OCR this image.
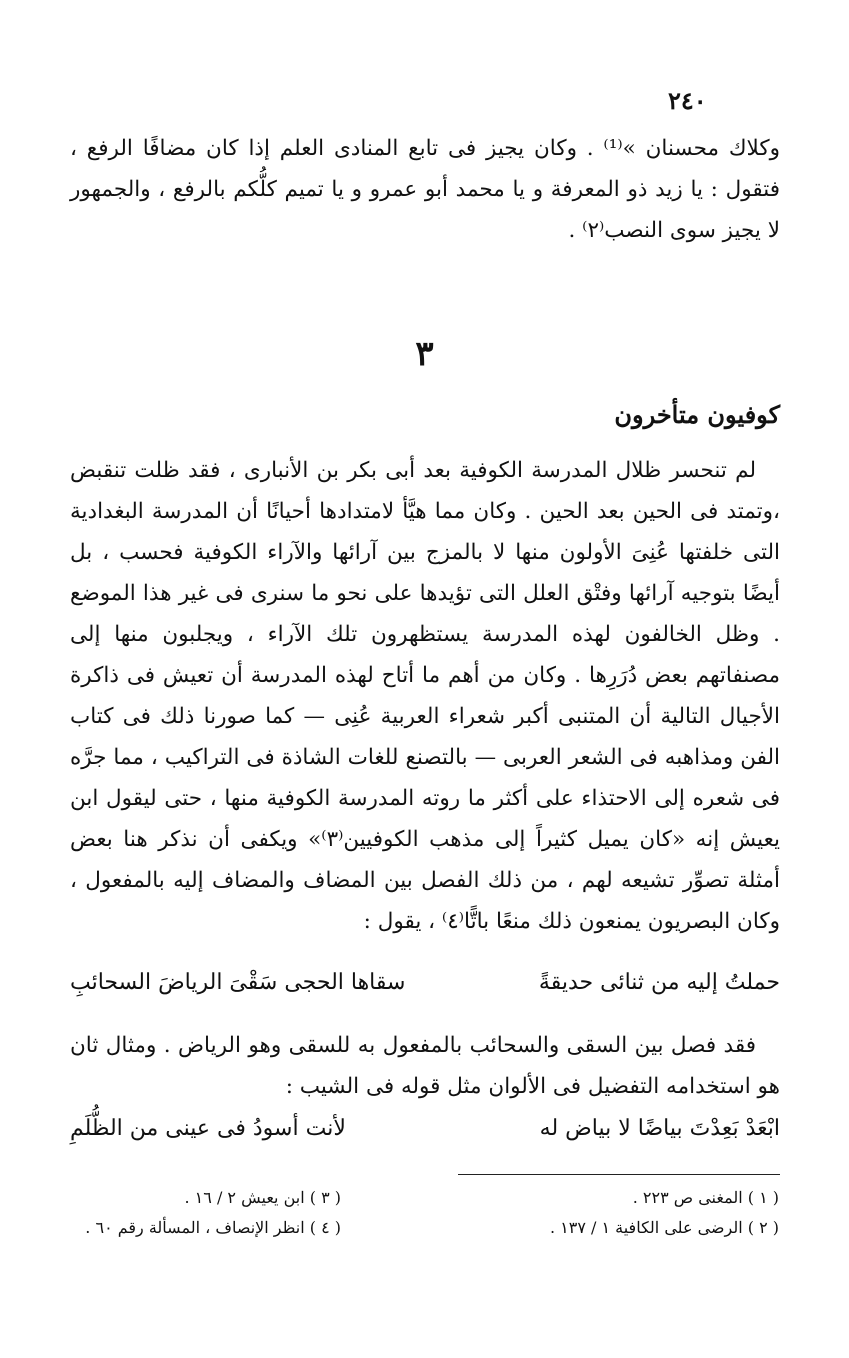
٢٤٠

وكلاك محسنان »⁽¹⁾ . وكان يجيز فى تابع المنادى العلم إذا كان مضافًا الرفع ، فتقول : يا زيد ذو المعرفة و يا محمد أبو عمرو و يا تميم كلُّكم بالرفع ، والجمهور لا يجيز سوى النصب⁽٢⁾ .

٣
كوفيون متأخرون

لم تنحسر ظلال المدرسة الكوفية بعد أبى بكر بن الأنبارى ، فقد ظلت تنقبض ،وتمتد فى الحين بعد الحين . وكان مما هيَّأ لامتدادها أحيانًا أن المدرسة البغدادية التى خلفتها عُنِىَ الأولون منها لا بالمزج بين آرائها والآراء الكوفية فحسب ، بل أيضًا بتوجيه آرائها وفتْق العلل التى تؤيدها على نحو ما سنرى فى غير هذا الموضع . وظل الخالفون لهذه المدرسة يستظهرون تلك الآراء ، ويجلبون منها إلى مصنفاتهم بعض دُرَرِها . وكان من أهم ما أتاح لهذه المدرسة أن تعيش فى ذاكرة الأجيال التالية أن المتنبى أكبر شعراء العربية عُنِى — كما صورنا ذلك فى كتاب الفن ومذاهبه فى الشعر العربى — بالتصنع للغات الشاذة فى التراكيب ، مما جرَّه فى شعره إلى الاحتذاء على أكثر ما روته المدرسة الكوفية منها ، حتى ليقول ابن يعيش إنه «كان يميل كثيراً إلى مذهب الكوفيين⁽٣⁾» ويكفى أن نذكر هنا بعض أمثلة تصوِّر تشيعه لهم ، من ذلك الفصل بين المضاف والمضاف إليه بالمفعول ، وكان البصريون يمنعون ذلك منعًا باتًّا⁽٤⁾ ، يقول :

حملتُ إليه من ثنائى حديقةً
سقاها الحجى سَقْىَ الرياضَ السحائبِ

فقد فصل بين السقى والسحائب بالمفعول به للسقى وهو الرياض . ومثال ثان هو استخدامه التفضيل فى الألوان مثل قوله فى الشيب :

ابْعَدْ بَعِدْتَ بياضًا لا بياض له
لأنت أسودُ فى عينى من الظُّلَمِ
( ١ ) المغنى ص ٢٢٣ .
( ٢ ) الرضى على الكافية ١ / ١٣٧ .
( ٣ ) ابن يعيش ٢ / ١٦ .
( ٤ ) انظر الإنصاف ، المسألة رقم ٦٠ .
